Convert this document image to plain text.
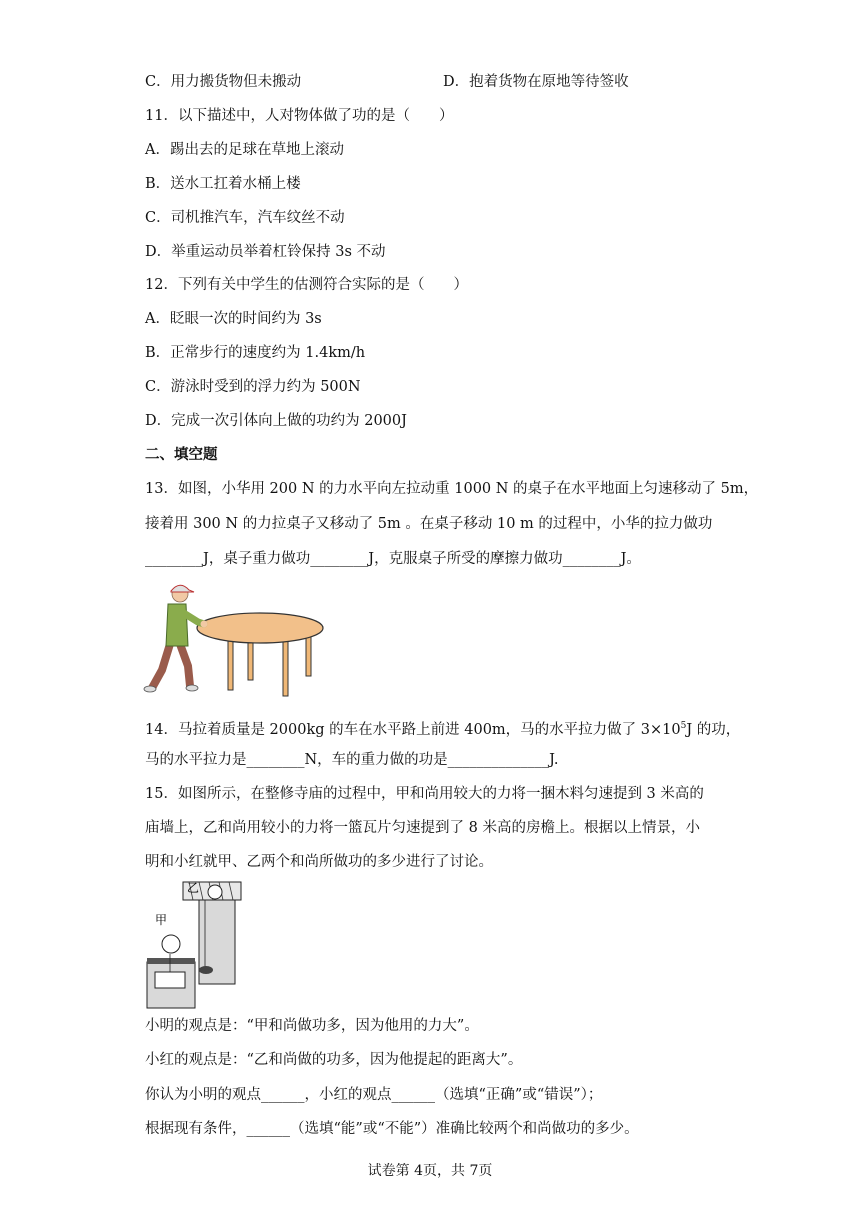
C．用力搬货物但未搬动	D．抱着货物在原地等待签收
11．以下描述中，人对物体做了功的是（　　）
A．踢出去的足球在草地上滚动
B．送水工扛着水桶上楼
C．司机推汽车，汽车纹丝不动
D．举重运动员举着杠铃保持 3s 不动
12．下列有关中学生的估测符合实际的是（　　）
A．眨眼一次的时间约为 3s
B．正常步行的速度约为 1.4km/h
C．游泳时受到的浮力约为 500N
D．完成一次引体向上做的功约为 2000J
二、填空题
13．如图，小华用 200 N 的力水平向左拉动重 1000 N 的桌子在水平地面上匀速移动了 5m，
接着用 300 N 的力拉桌子又移动了 5m 。在桌子移动 10 m 的过程中，小华的拉力做功
________J，桌子重力做功________J，克服桌子所受的摩擦力做功________J。
14．马拉着质量是 2000kg 的车在水平路上前进 400m，马的水平拉力做了 $3\times 10^5J$ 的功，
马的水平拉力是________N，车的重力做的功是______________J.
15．如图所示，在整修寺庙的过程中，甲和尚用较大的力将一捆木料匀速提到 3 米高的
庙墙上，乙和尚用较小的力将一篮瓦片匀速提到了 8 米高的房檐上。根据以上情景，小
明和小红就甲、乙两个和尚所做功的多少进行了讨论。
乙
甲
小明的观点是：“甲和尚做功多，因为他用的力大”。
小红的观点是：“乙和尚做的功多，因为他提起的距离大”。
你认为小明的观点______，小红的观点______（选填“正确”或“错误”）；
根据现有条件，______（选填“能”或“不能”）准确比较两个和尚做功的多少。
试卷第 4页，共 7页
